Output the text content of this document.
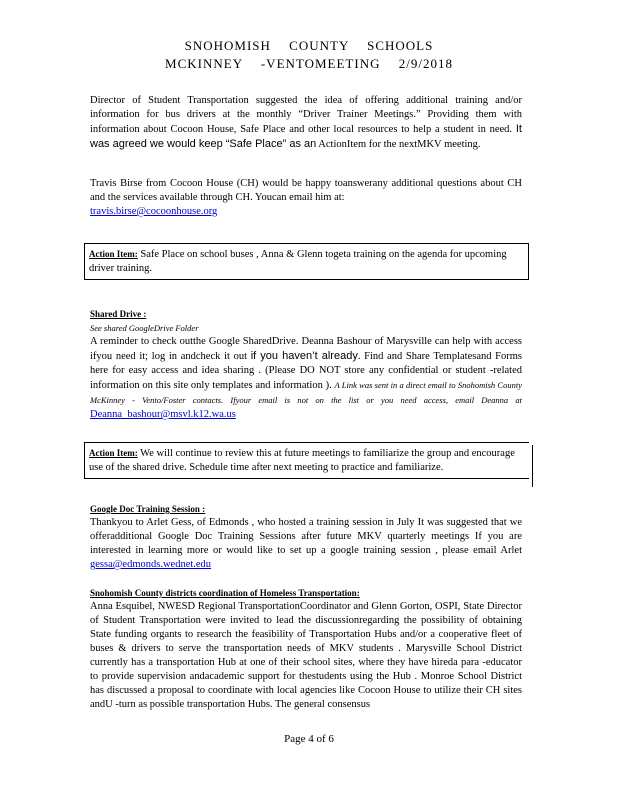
SNOHOMISH COUNTY SCHOOLS
MCKINNEY -VENTOMEETING 2/9/2018
Director of Student Transportation suggested the idea of offering additional training and/or information for bus drivers at the monthly “Driver Trainer Meetings.” Providing them with information about Cocoon House, Safe Place and other local resources to help a student in need. It was agreed we would keep “Safe Place” as an ActionItem for the nextMKV meeting.
Travis Birse from Cocoon House (CH) would be happy toanswerany additional questions about CH and the services available through CH. Youcan email him at:
travis.birse@cocoonhouse.org
Action Item: Safe Place on school buses , Anna & Glenn togeta training on the agenda for upcoming driver training.
Shared Drive :
See shared GoogleDrive Folder
A reminder to check outthe Google SharedDrive. Deanna Bashour of Marysville can help with access ifyou need it; log in andcheck it out if you haven’t already. Find and Share Templatesand Forms here for easy access and idea sharing . (Please DO NOT store any confidential or student -related information on this site only templates and information ). A Link was sent in a direct email to Snohomish County McKinney - Vento/Foster contacts. Ifyour email is not on the list or you need access, email Deanna at Deanna_bashour@msvl.k12.wa.us
Action Item: We will continue to review this at future meetings to familiarize the group and encourage use of the shared drive. Schedule time after next meeting to practice and familiarize.
Google Doc Training Session :
Thankyou to Arlet Gess, of Edmonds , who hosted a training session in July It was suggested that we offeradditional Google Doc Training Sessions after future MKV quarterly meetings If you are interested in learning more or would like to set up a google training session , please email Arlet gessa@edmonds.wednet.edu
Snohomish County districts coordination of Homeless Transportation:
Anna Esquibel, NWESD Regional TransportationCoordinator and Glenn Gorton, OSPI, State Director of Student Transportation were invited to lead the discussionregarding the possibility of obtaining State funding organts to research the feasibility of Transportation Hubs and/or a cooperative fleet of buses & drivers to serve the transportation needs of MKV students . Marysville School District currently has a transportation Hub at one of their school sites, where they have hireda para -educator to provide supervision andacademic support for thestudents using the Hub . Monroe School District has discussed a proposal to coordinate with local agencies like Cocoon House to utilize their CH sites andU -turn as possible transportation Hubs. The general consensus
Page 4 of 6
